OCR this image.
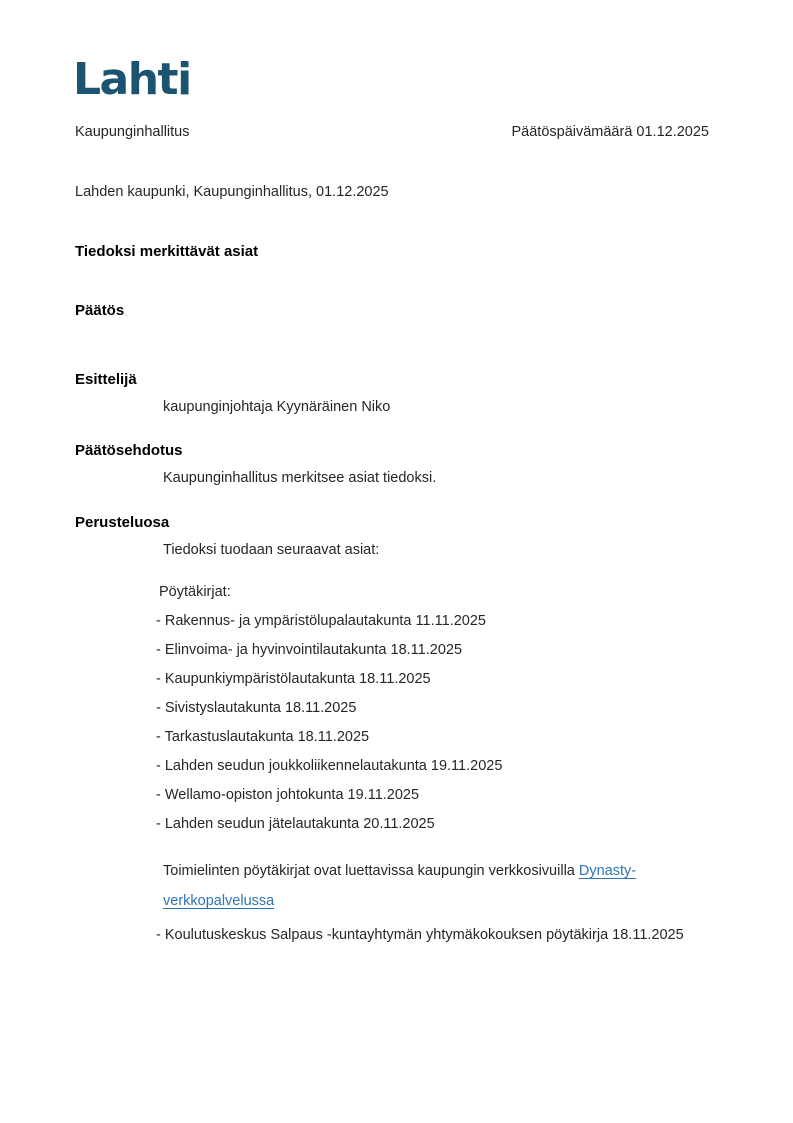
Lahti
Kaupunginhallitus	Päätöspäivämäärä 01.12.2025
Lahden kaupunki, Kaupunginhallitus, 01.12.2025
Tiedoksi merkittävät asiat
Päätös
Esittelijä
kaupunginjohtaja Kyynäräinen Niko
Päätösehdotus
Kaupunginhallitus merkitsee asiat tiedoksi.
Perusteluosa
Tiedoksi tuodaan seuraavat asiat:
Pöytäkirjat:
- Rakennus- ja ympäristölupalautakunta 11.11.2025
- Elinvoima- ja hyvinvointilautakunta 18.11.2025
- Kaupunkiympäristölautakunta 18.11.2025
- Sivistyslautakunta 18.11.2025
- Tarkastuslautakunta 18.11.2025
- Lahden seudun joukkoliikennelautakunta 19.11.2025
- Wellamo-opiston johtokunta 19.11.2025
- Lahden seudun jätelautakunta 20.11.2025
Toimielinten pöytäkirjat ovat luettavissa kaupungin verkkosivuilla Dynasty-verkkopalvelussa
- Koulutuskeskus Salpaus -kuntayhtymän yhtymäkokouksen pöytäkirja 18.11.2025
